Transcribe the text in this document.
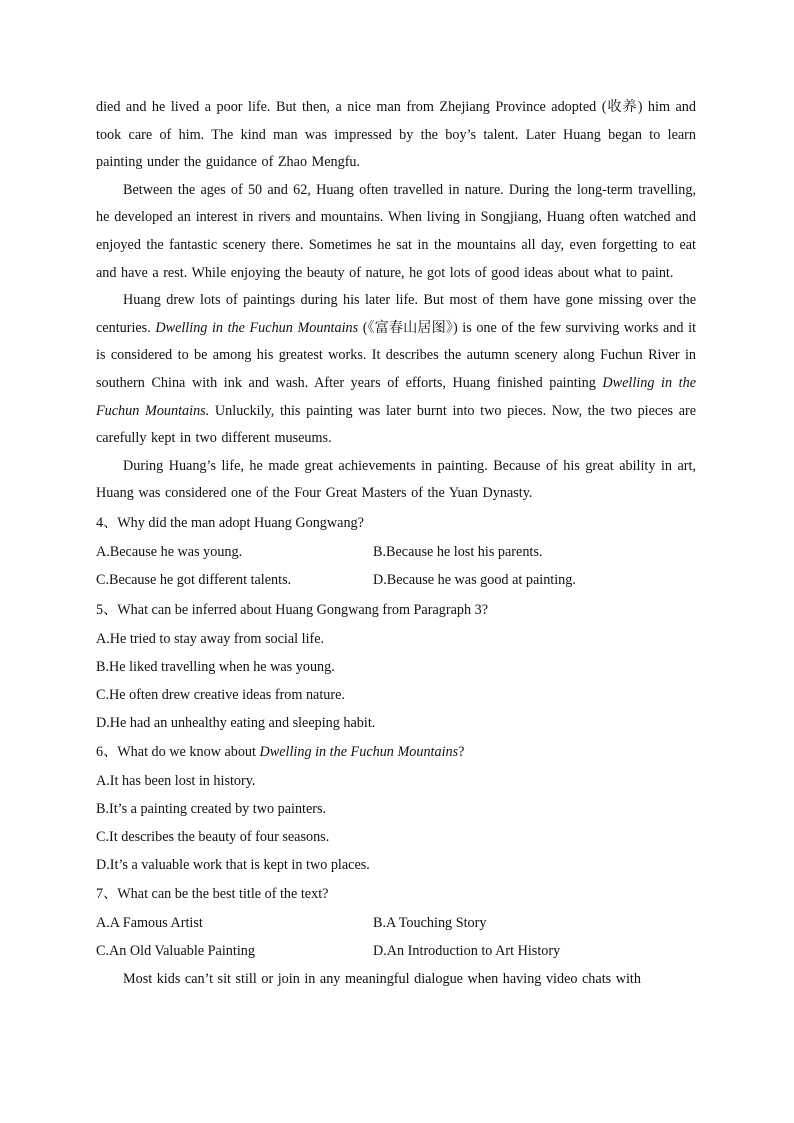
died and he lived a poor life. But then, a nice man from Zhejiang Province adopted (收养) him and took care of him. The kind man was impressed by the boy’s talent. Later Huang began to learn painting under the guidance of Zhao Mengfu.

Between the ages of 50 and 62, Huang often travelled in nature. During the long-term travelling, he developed an interest in rivers and mountains. When living in Songjiang, Huang often watched and enjoyed the fantastic scenery there. Sometimes he sat in the mountains all day, even forgetting to eat and have a rest. While enjoying the beauty of nature, he got lots of good ideas about what to paint.

Huang drew lots of paintings during his later life. But most of them have gone missing over the centuries. Dwelling in the Fuchun Mountains (《富春山居图》) is one of the few surviving works and it is considered to be among his greatest works. It describes the autumn scenery along Fuchun River in southern China with ink and wash. After years of efforts, Huang finished painting Dwelling in the Fuchun Mountains. Unluckily, this painting was later burnt into two pieces. Now, the two pieces are carefully kept in two different museums.

During Huang’s life, he made great achievements in painting. Because of his great ability in art, Huang was considered one of the Four Great Masters of the Yuan Dynasty.

4、Why did the man adopt Huang Gongwang?
A.Because he was young.	B.Because he lost his parents.
C.Because he got different talents.	D.Because he was good at painting.
5、What can be inferred about Huang Gongwang from Paragraph 3?
A.He tried to stay away from social life.
B.He liked travelling when he was young.
C.He often drew creative ideas from nature.
D.He had an unhealthy eating and sleeping habit.
6、What do we know about Dwelling in the Fuchun Mountains?
A.It has been lost in history.
B.It’s a painting created by two painters.
C.It describes the beauty of four seasons.
D.It’s a valuable work that is kept in two places.
7、What can be the best title of the text?
A.A Famous Artist	B.A Touching Story
C.An Old Valuable Painting	D.An Introduction to Art History

Most kids can’t sit still or join in any meaningful dialogue when having video chats with
